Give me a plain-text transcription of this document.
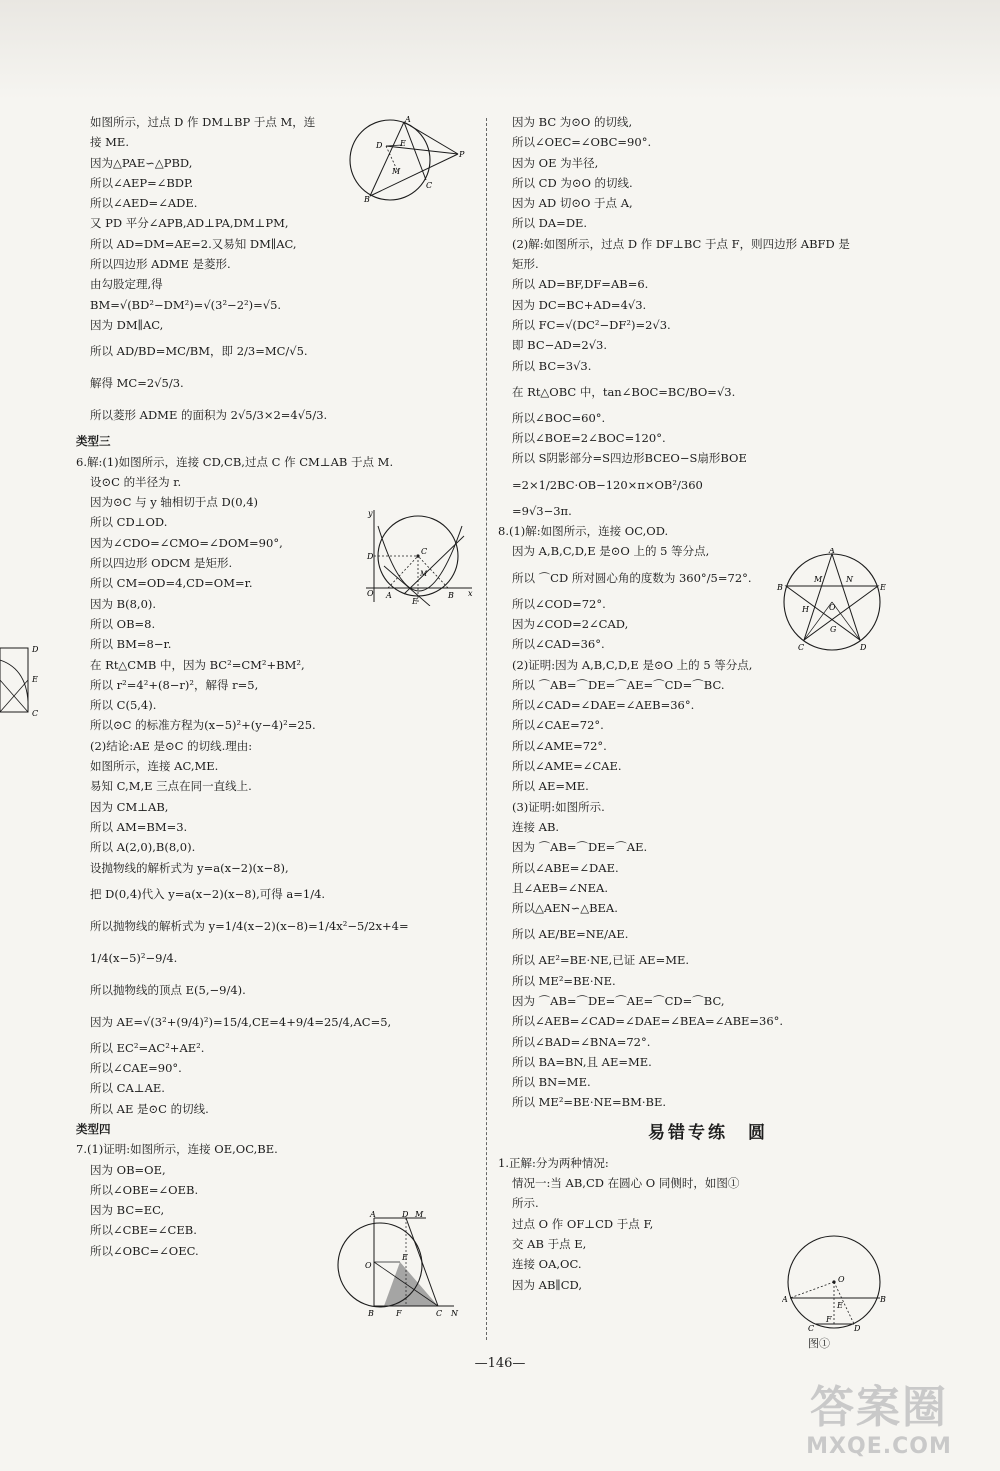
如图所示，过点 D 作 DM⊥BP 于点 M，连
接 ME.
因为△PAE∽△PBD,
所以∠AEP=∠BDP.
所以∠AED=∠ADE.
又 PD 平分∠APB,AD⊥PA,DM⊥PM,
所以 AD=DM=AE=2.又易知 DM∥AC,
所以四边形 ADME 是菱形.
由勾股定理,得
BM=√(BD²−DM²)=√(3²−2²)=√5.
因为 DM∥AC,
所以 AD/BD=MC/BM，即 2/3=MC/√5.
解得 MC=2√5/3.
所以菱形 ADME 的面积为 2√5/3×2=4√5/3.
类型三
6.解:(1)如图所示，连接 CD,CB,过点 C 作 CM⊥AB 于点 M.
设⊙C 的半径为 r.
因为⊙C 与 y 轴相切于点 D(0,4)
所以 CD⊥OD.
因为∠CDO=∠CMO=∠DOM=90°,
所以四边形 ODCM 是矩形.
所以 CM=OD=4,CD=OM=r.
因为 B(8,0).
所以 OB=8.
所以 BM=8−r.
在 Rt△CMB 中，因为 BC²=CM²+BM²,
所以 r²=4²+(8−r)²，解得 r=5,
所以 C(5,4).
所以⊙C 的标准方程为(x−5)²+(y−4)²=25.
(2)结论:AE 是⊙C 的切线.理由:
如图所示，连接 AC,ME.
易知 C,M,E 三点在同一直线上.
因为 CM⊥AB,
所以 AM=BM=3.
所以 A(2,0),B(8,0).
设抛物线的解析式为 y=a(x−2)(x−8),
把 D(0,4)代入 y=a(x−2)(x−8),可得 a=1/4.
所以抛物线的解析式为 y=1/4(x−2)(x−8)=1/4x²−5/2x+4=
1/4(x−5)²−9/4.
所以抛物线的顶点 E(5,−9/4).
因为 AE=√(3²+(9/4)²)=15/4,CE=4+9/4=25/4,AC=5,
所以 EC²=AC²+AE².
所以∠CAE=90°.
所以 CA⊥AE.
所以 AE 是⊙C 的切线.
类型四
7.(1)证明:如图所示，连接 OE,OC,BE.
因为 OB=OE,
所以∠OBE=∠OEB.
因为 BC=EC,
所以∠CBE=∠CEB.
所以∠OBC=∠OEC.
因为 BC 为⊙O 的切线,
所以∠OEC=∠OBC=90°.
因为 OE 为半径,
所以 CD 为⊙O 的切线.
因为 AD 切⊙O 于点 A,
所以 DA=DE.
(2)解:如图所示，过点 D 作 DF⊥BC 于点 F，则四边形 ABFD 是
矩形.
所以 AD=BF,DF=AB=6.
因为 DC=BC+AD=4√3.
所以 FC=√(DC²−DF²)=2√3.
即 BC−AD=2√3.
所以 BC=3√3.
在 Rt△OBC 中，tan∠BOC=BC/BO=√3.
所以∠BOC=60°.
所以∠BOE=2∠BOC=120°.
所以 S阴影部分=S四边形BCEO−S扇形BOE
=2×1/2BC·OB−120×π×OB²/360
=9√3−3π.
8.(1)解:如图所示，连接 OC,OD.
因为 A,B,C,D,E 是⊙O 上的 5 等分点,
所以 ⌒CD 所对圆心角的度数为 360°/5=72°.
所以∠COD=72°.
因为∠COD=2∠CAD,
所以∠CAD=36°.
(2)证明:因为 A,B,C,D,E 是⊙O 上的 5 等分点,
所以 ⌒AB=⌒DE=⌒AE=⌒CD=⌒BC.
所以∠CAD=∠DAE=∠AEB=36°.
所以∠CAE=72°.
所以∠AME=72°.
所以∠AME=∠CAE.
所以 AE=ME.
(3)证明:如图所示.
连接 AB.
因为 ⌒AB=⌒DE=⌒AE.
所以∠ABE=∠DAE.
且∠AEB=∠NEA.
所以△AEN∽△BEA.
所以 AE/BE=NE/AE.
所以 AE²=BE·NE,已证 AE=ME.
所以 ME²=BE·NE.
因为 ⌒AB=⌒DE=⌒AE=⌒CD=⌒BC,
所以∠AEB=∠CAD=∠DAE=∠BEA=∠ABE=36°.
所以∠BAD=∠BNA=72°.
所以 BA=BN,且 AE=ME.
所以 BN=ME.
所以 ME²=BE·NE=BM·BE.
易错专练　圆
1.正解:分为两种情况:
情况一:当 AB,CD 在圆心 O 同侧时，如图①
所示.
过点 O 作 OF⊥CD 于点 F,
交 AB 于点 E,
连接 OA,OC.
因为 AB∥CD,
A
D E
M
C
B
P
y
D
C
O A
M
B x
E
A	D M
O
E
B	F	C N
A
M	N
B	E
H	O
C
G
D
O
A	B
C
E
F
D
图①
D
E
C
—146—
答案圈
MXQE.COM
